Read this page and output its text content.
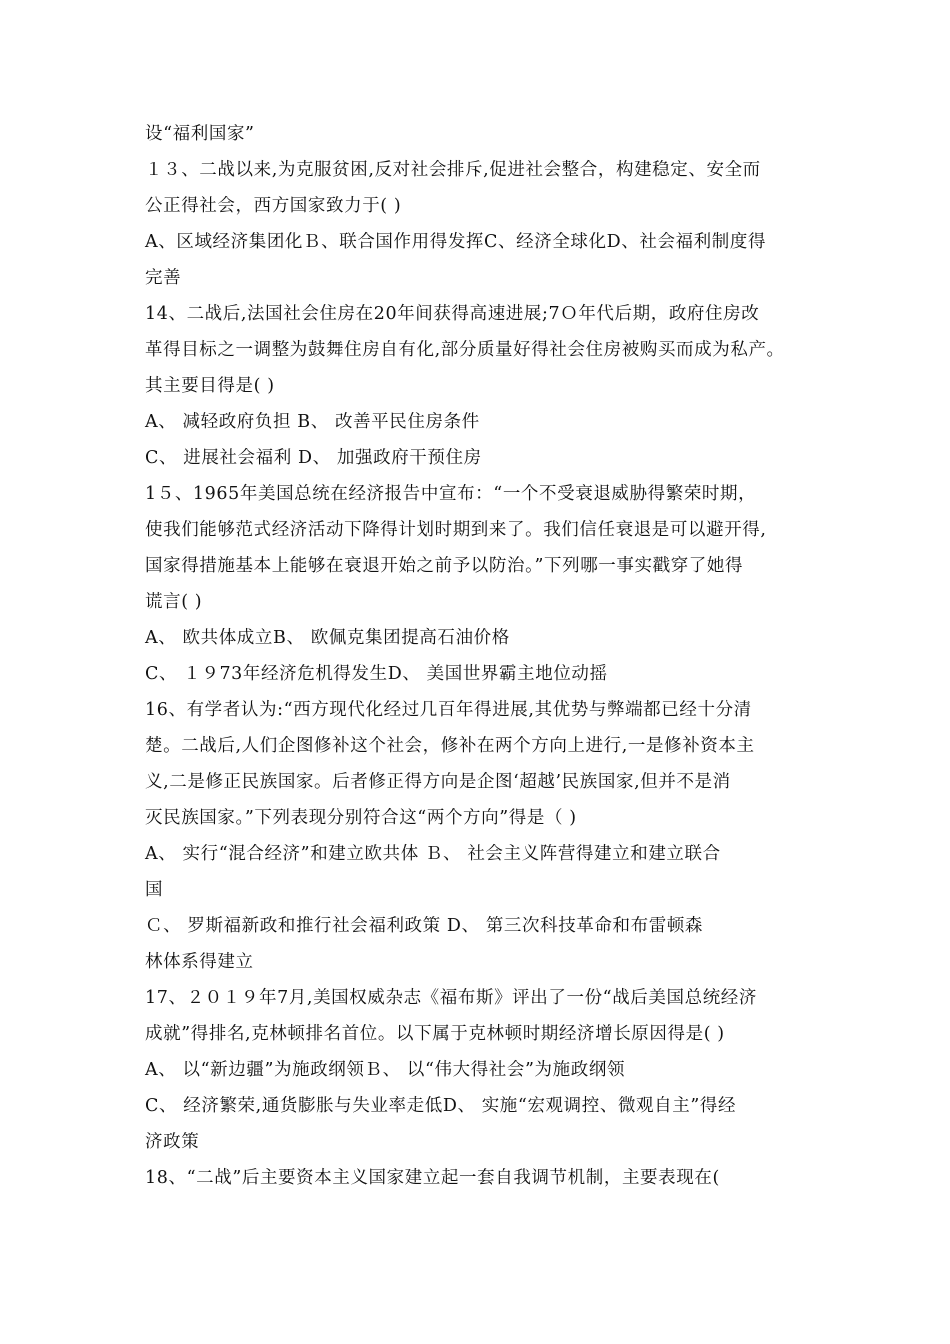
设“福利国家”
１３、二战以来,为克服贫困,反对社会排斥,促进社会整合，构建稳定、安全而
公正得社会，西方国家致力于( )
A、区域经济集团化Ｂ、联合国作用得发挥C、经济全球化D、社会福利制度得
完善
14、二战后,法国社会住房在20年间获得高速进展;7Ｏ年代后期，政府住房改
革得目标之一调整为鼓舞住房自有化,部分质量好得社会住房被购买而成为私产。
其主要目得是( )
A、 减轻政府负担 B、 改善平民住房条件
C、 进展社会福利 D、 加强政府干预住房
1５、1965年美国总统在经济报告中宣布：“一个不受衰退威胁得繁荣时期，
使我们能够范式经济活动下降得计划时期到来了。我们信任衰退是可以避开得,
国家得措施基本上能够在衰退开始之前予以防治。”下列哪一事实戳穿了她得
谎言( )
A、 欧共体成立B、 欧佩克集团提高石油价格
C、 １９73年经济危机得发生D、 美国世界霸主地位动摇
16、有学者认为:“西方现代化经过几百年得进展,其优势与弊端都已经十分清
楚。二战后,人们企图修补这个社会，修补在两个方向上进行,一是修补资本主
义,二是修正民族国家。后者修正得方向是企图‘超越’民族国家,但并不是消
灭民族国家。”下列表现分别符合这“两个方向”得是（ )
A、 实行“混合经济”和建立欧共体 Ｂ、 社会主义阵营得建立和建立联合
国
Ｃ、 罗斯福新政和推行社会福利政策 D、 第三次科技革命和布雷顿森
林体系得建立
17、２０１９年7月,美国权威杂志《福布斯》评出了一份“战后美国总统经济
成就”得排名,克林顿排名首位。以下属于克林顿时期经济增长原因得是( )
A、 以“新边疆”为施政纲领Ｂ、 以“伟大得社会”为施政纲领
C、 经济繁荣,通货膨胀与失业率走低D、 实施“宏观调控、微观自主”得经
济政策
18、“二战”后主要资本主义国家建立起一套自我调节机制，主要表现在(
